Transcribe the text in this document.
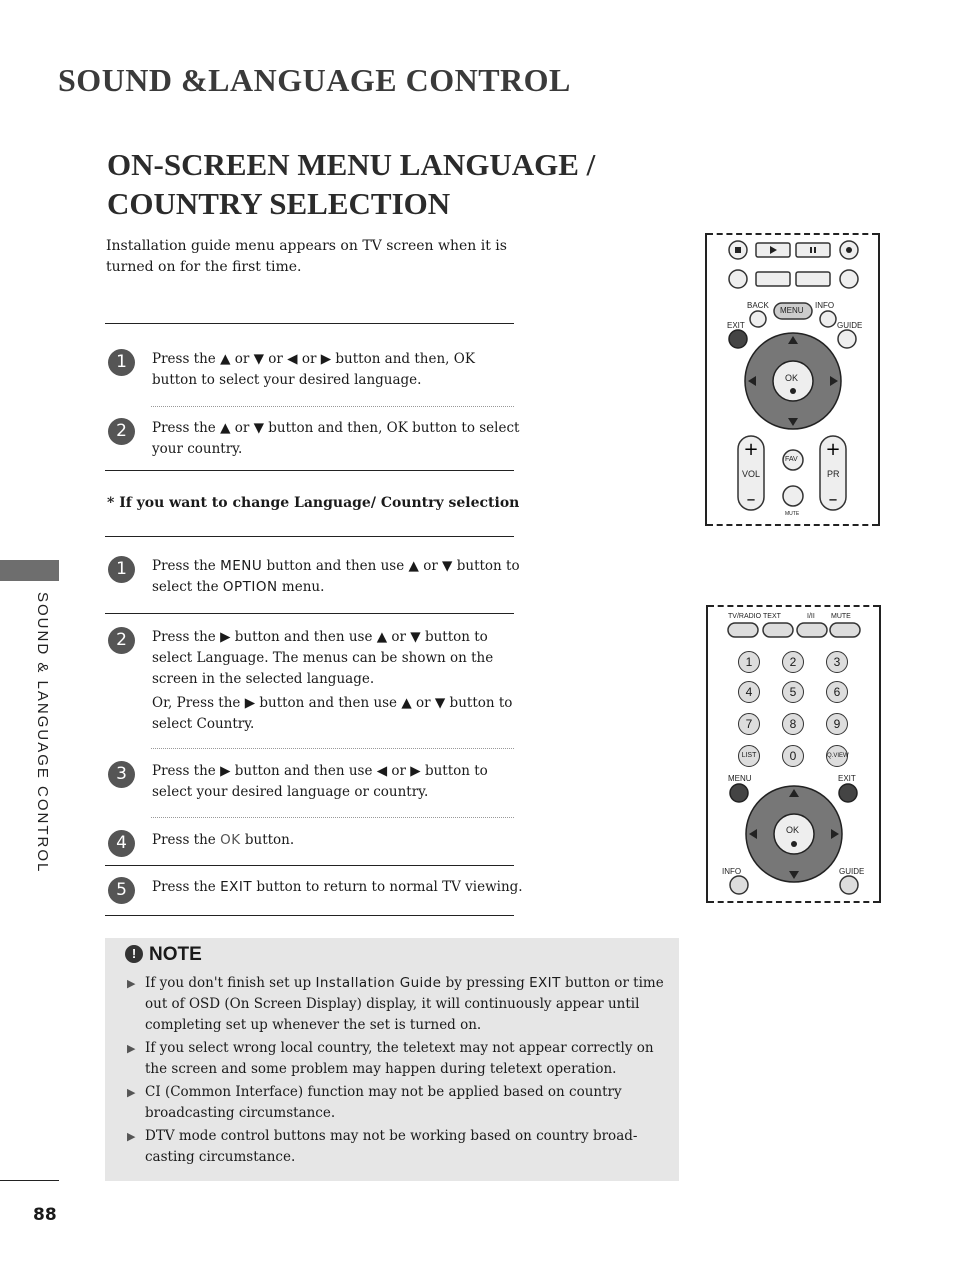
SOUND &LANGUAGE CONTROL
ON-SCREEN MENU LANGUAGE /
COUNTRY SELECTION
Installation guide menu appears on TV screen when it is turned on for the first time.
1	Press the ▲ or ▼ or ◀ or ▶ button and then, OK button to select your desired language.
2	Press the ▲ or ▼ button and then, OK button to select your country.
* If you want to change Language/ Country selection
1	Press the MENU button and then use ▲ or ▼ button to select the OPTION menu.
2	Press the ▶ button and then use ▲ or ▼ button to select Language. The menus can be shown on the screen in the selected language.
Or, Press the ▶ button and then use ▲ or ▼ button to select Country.
3	Press the ▶ button and then use ◀ or ▶ button to select your desired language or country.
4	Press the OK button.
5	Press the EXIT button to return to normal TV viewing.
SOUND & LANGUAGE CONTROL
88
! NOTE
▶ If you don't finish set up Installation Guide by pressing EXIT button or time out of OSD (On Screen Display) display, it will continuously appear until completing set up whenever the set is turned on.
▶ If you select wrong local country, the teletext may not appear correctly on the screen and some problem may happen during teletext operation.
▶ CI (Common Interface) function may not be applied based on country broadcasting circumstance.
▶ DTV mode control buttons may not be working based on country broad-casting circumstance.
+	+
–	–
BACK
MENU
INFO
EXIT	GUIDE
OK
VOL	PR
FAV
MUTE
TV/RADIO TEXT	I/II MUTE
1	2	3
4	5	6
7	8	9
LIST	0	Q.VIEW
MENU	EXIT
OK
INFO	GUIDE
